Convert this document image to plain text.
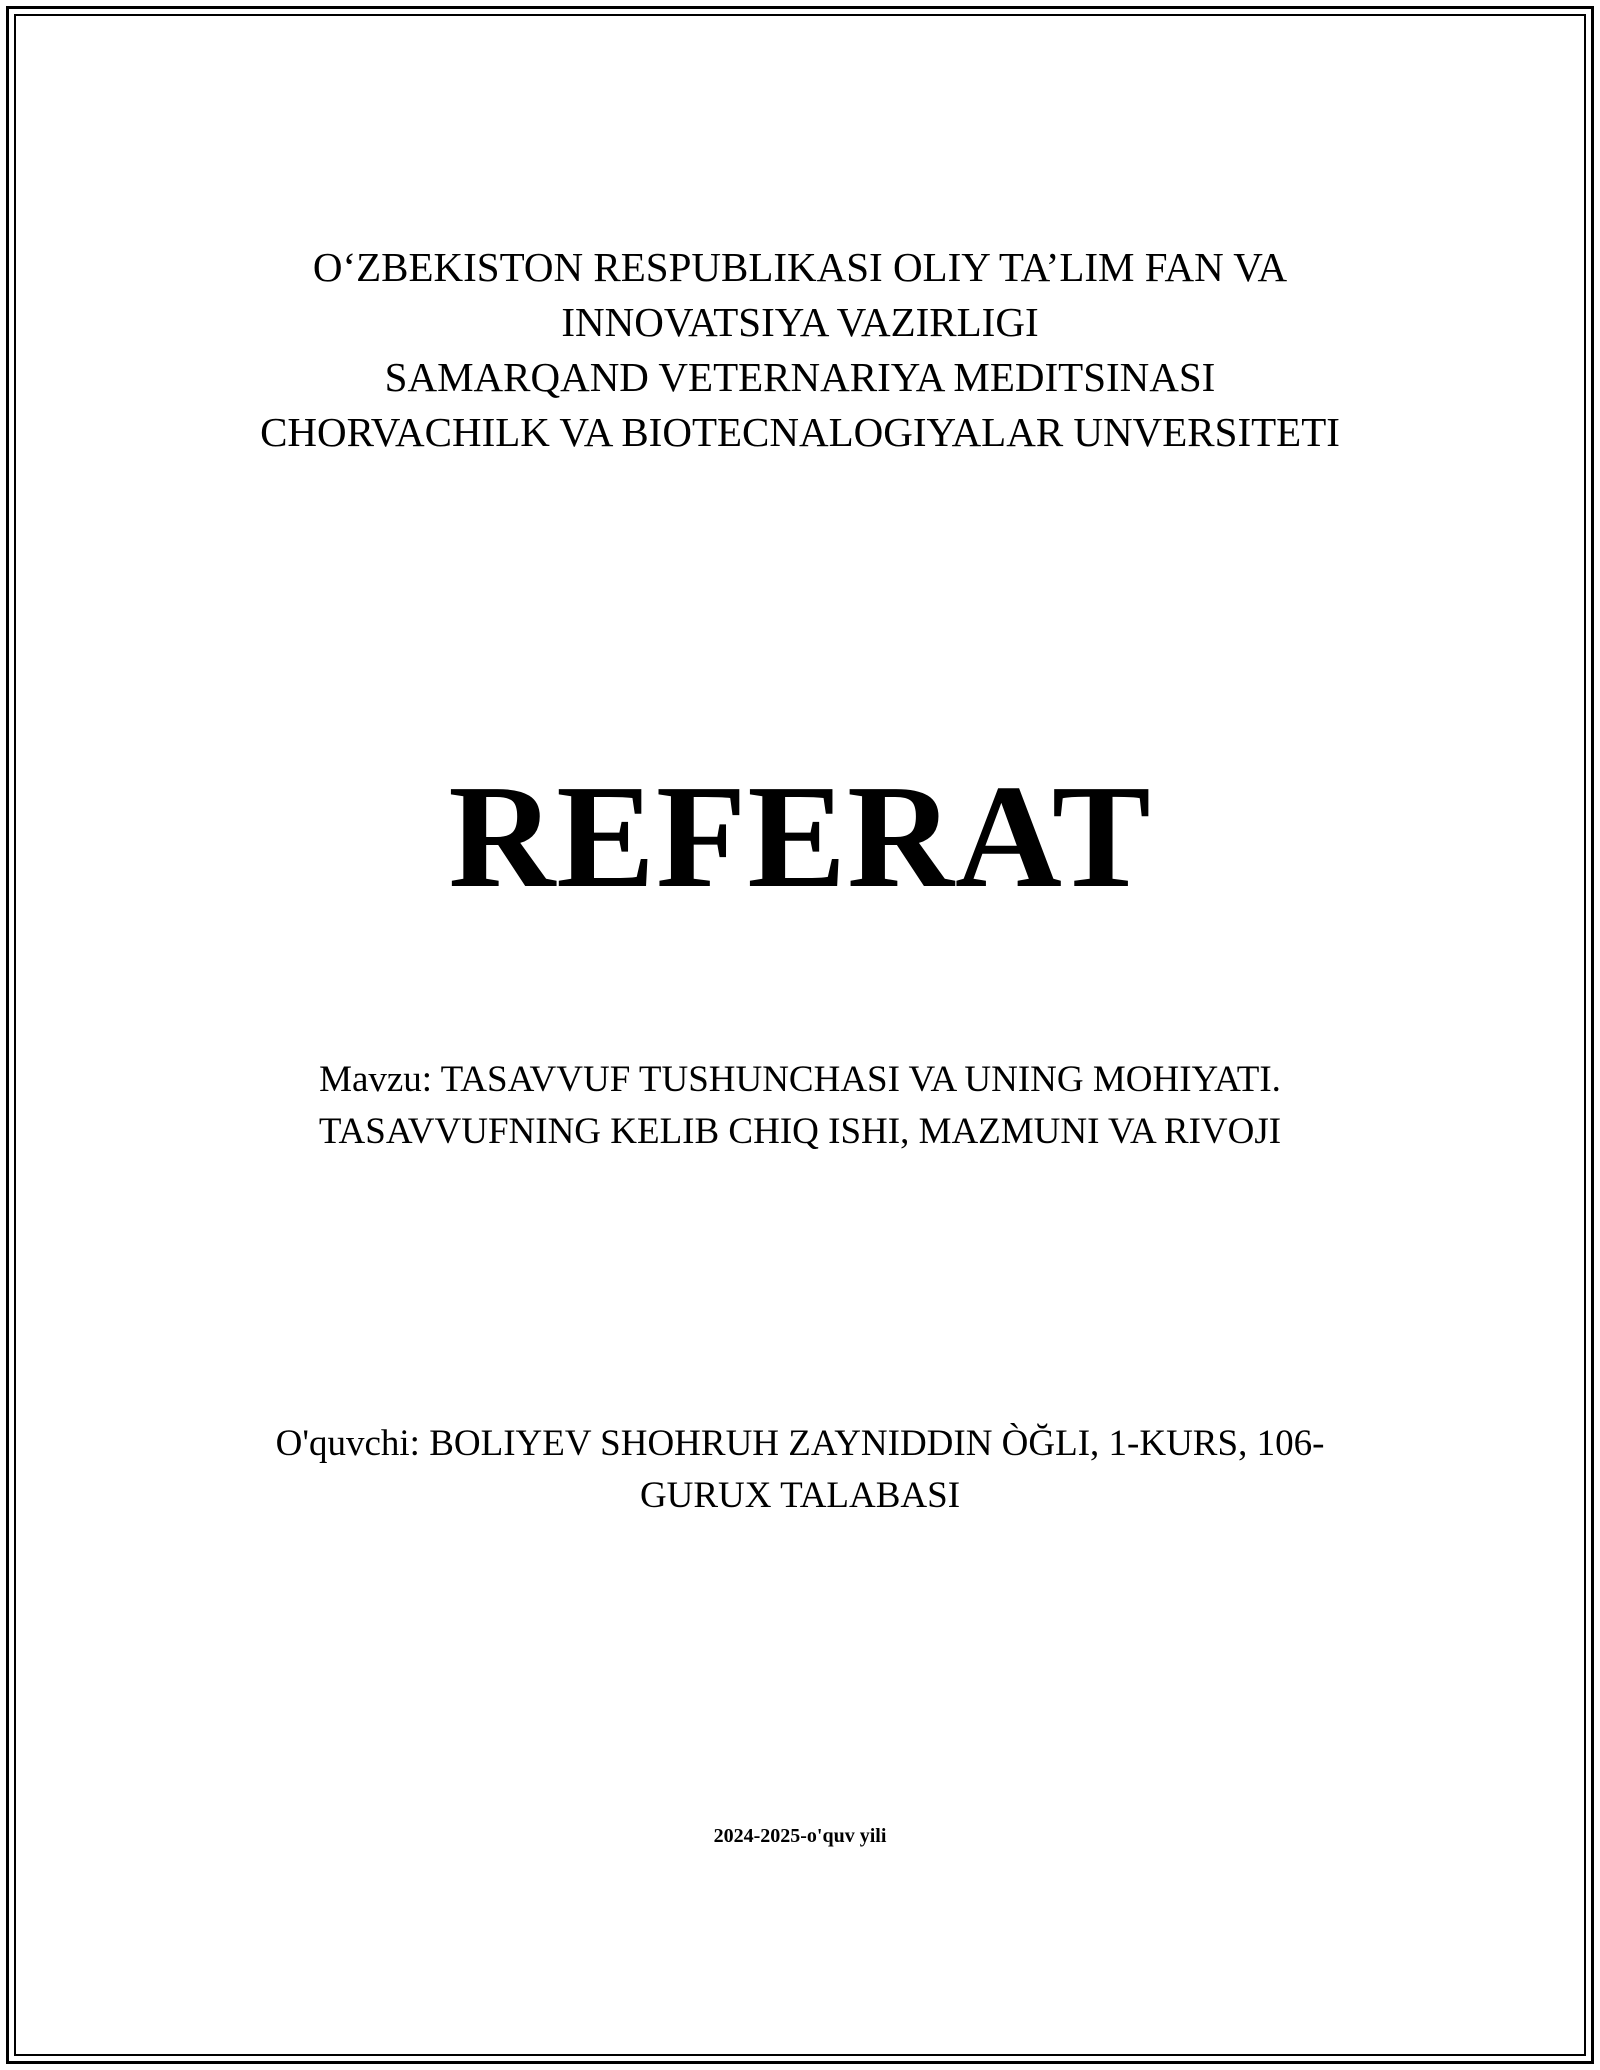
O‘ZBEKISTON RESPUBLIKASI OLIY TA’LIM FAN VA
INNOVATSIYA VAZIRLIGI
SAMARQAND VETERNARIYA MEDITSINASI
CHORVACHILK VA BIOTECNALOGIYALAR UNVERSITETI
REFERAT
Mavzu: TASAVVUF TUSHUNCHASI VA UNING MOHIYATI.
TASAVVUFNING KELIB CHIQ ISHI, MAZMUNI VA RIVOJI
O'quvchi: BOLIYEV SHOHRUH ZAYNIDDIN ÒĞLI, 1-KURS, 106-
GURUX TALABASI
2024-2025-o'quv yili
